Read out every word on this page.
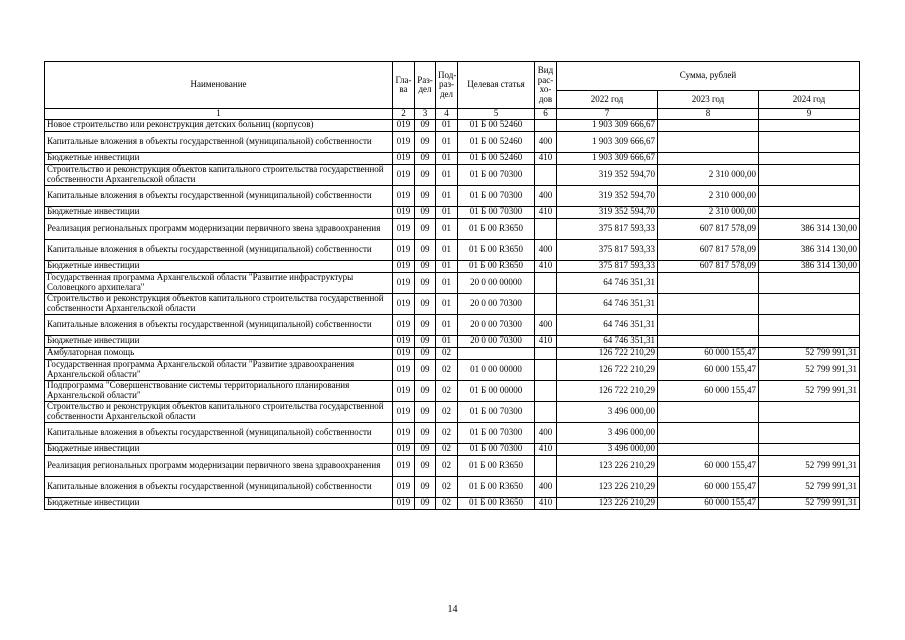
Наименование	Гла-ва	Раз-дел	Под-раз-дел	Целевая статья	Вид рас-хо-дов	Сумма, рублей		
						2022 год	2023 год	2024 год
1	2	3	4	5	6	7	8	9
Новое строительство или реконструкция детских больниц (корпусов)	019	09	01	01 Б 00 52460		1 903 309 666,67		
Капитальные вложения в объекты государственной (муниципальной) собственности	019	09	01	01 Б 00 52460	400	1 903 309 666,67		
Бюджетные инвестиции	019	09	01	01 Б 00 52460	410	1 903 309 666,67		
Строительство и реконструкция объектов капитального строительства государственной собственности Архангельской области	019	09	01	01 Б 00 70300		319 352 594,70	2 310 000,00	
Капитальные вложения в объекты государственной (муниципальной) собственности	019	09	01	01 Б 00 70300	400	319 352 594,70	2 310 000,00	
Бюджетные инвестиции	019	09	01	01 Б 00 70300	410	319 352 594,70	2 310 000,00	
Реализация региональных программ модернизации первичного звена здравоохранения	019	09	01	01 Б 00 R3650		375 817 593,33	607 817 578,09	386 314 130,00
Капитальные вложения в объекты государственной (муниципальной) собственности	019	09	01	01 Б 00 R3650	400	375 817 593,33	607 817 578,09	386 314 130,00
Бюджетные инвестиции	019	09	01	01 Б 00 R3650	410	375 817 593,33	607 817 578,09	386 314 130,00
Государственная программа Архангельской области "Развитие инфраструктуры Соловецкого архипелага"	019	09	01	20 0 00 00000		64 746 351,31		
Строительство и реконструкция объектов капитального строительства государственной собственности Архангельской области	019	09	01	20 0 00 70300		64 746 351,31		
Капитальные вложения в объекты государственной (муниципальной) собственности	019	09	01	20 0 00 70300	400	64 746 351,31		
Бюджетные инвестиции	019	09	01	20 0 00 70300	410	64 746 351,31		
Амбулаторная помощь	019	09	02			126 722 210,29	60 000 155,47	52 799 991,31
Государственная программа Архангельской области "Развитие здравоохранения Архангельской области"	019	09	02	01 0 00 00000		126 722 210,29	60 000 155,47	52 799 991,31
Подпрограмма "Совершенствование системы территориального планирования Архангельской области"	019	09	02	01 Б 00 00000		126 722 210,29	60 000 155,47	52 799 991,31
Строительство и реконструкция объектов капитального строительства государственной собственности Архангельской области	019	09	02	01 Б 00 70300		3 496 000,00		
Капитальные вложения в объекты государственной (муниципальной) собственности	019	09	02	01 Б 00 70300	400	3 496 000,00		
Бюджетные инвестиции	019	09	02	01 Б 00 70300	410	3 496 000,00		
Реализация региональных программ модернизации первичного звена здравоохранения	019	09	02	01 Б 00 R3650		123 226 210,29	60 000 155,47	52 799 991,31
Капитальные вложения в объекты государственной (муниципальной) собственности	019	09	02	01 Б 00 R3650	400	123 226 210,29	60 000 155,47	52 799 991,31
Бюджетные инвестиции	019	09	02	01 Б 00 R3650	410	123 226 210,29	60 000 155,47	52 799 991,31
14
